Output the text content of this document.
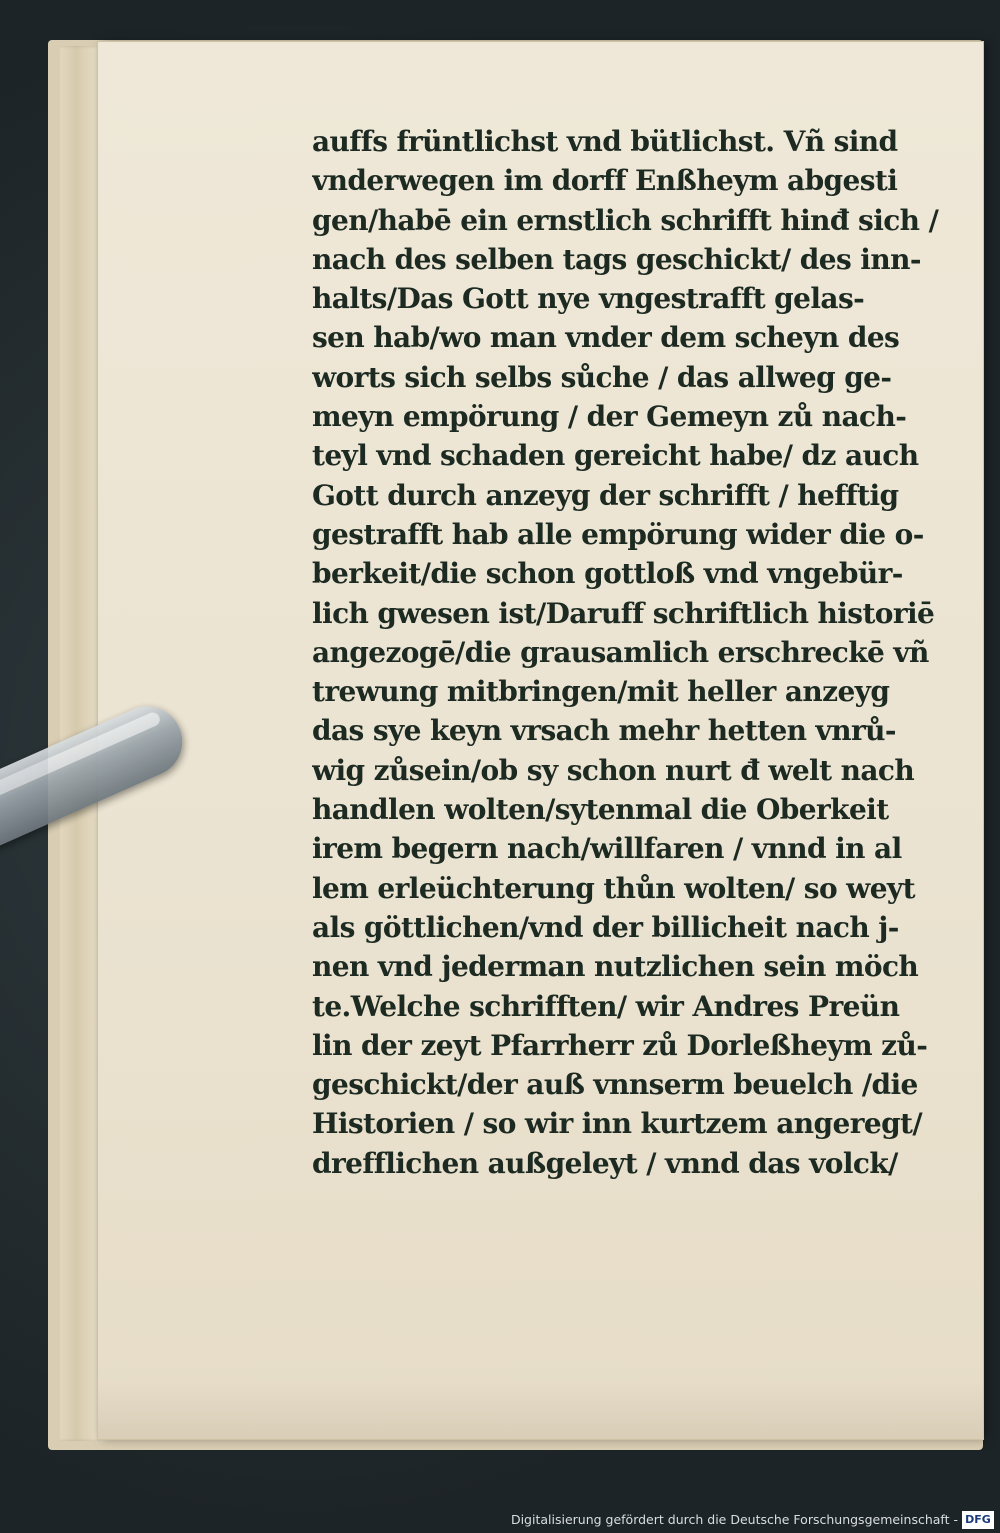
auffs früntlichst vnd bütlichst. Vñ sind
vnderwegen im dorff Enßheym abgesti
gen/habē ein ernstlich schrifft hinđ sich /
nach des selben tags geschickt/ des inn-
halts/Das Gott nye vngestrafft gelas-
sen hab/wo man vnder dem scheyn des
worts sich selbs sůche / das allweg ge-
meyn empörung / der Gemeyn zů nach-
teyl vnd schaden gereicht habe/ dz auch
Gott durch anzeyg der schrifft / hefftig
gestrafft hab alle empörung wider die o-
berkeit/die schon gottloß vnd vngebür-
lich gwesen ist/Daruff schriftlich historiē
angezogē/die grausamlich erschreckē vñ
trewung mitbringen/mit heller anzeyg
das sye keyn vrsach mehr hetten vnrů-
wig zůsein/ob sy schon nurt đ welt nach
handlen wolten/sytenmal die Oberkeit
irem begern nach/willfaren / vnnd in al
lem erleüchterung thůn wolten/ so weyt
als göttlichen/vnd der billicheit nach j-
nen vnd jederman nutzlichen sein möch
te.Welche schrifften/ wir Andres Preün
lin der zeyt Pfarrherr zů Dorleßheym zů-
geschickt/der auß vnnserm beuelch /die
Historien / so wir inn kurtzem angeregt/
drefflichen außgeleyt / vnnd das volck/
Digitalisierung gefördert durch die Deutsche Forschungsgemeinschaft - DFG
